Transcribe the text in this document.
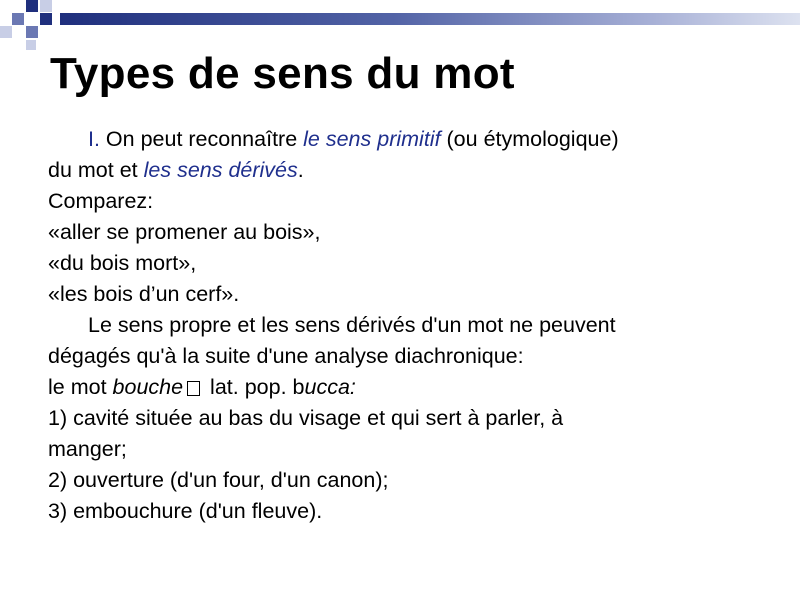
Types de sens du mot
I. On peut reconnaître le sens primitif (ou étymologique)
du mot et les sens dérivés.
Comparez:
«aller se promener au bois»,
«du bois mort»,
«les bois d’un cerf».
Le sens propre et les sens dérivés d'un mot ne peuvent
dégagés qu'à la suite d'une analyse diachronique:
le mot bouche lat. pop. bucca:
1) cavité située au bas du visage et qui sert à parler, à
manger;
2) ouverture (d'un four, d'un canon);
3) embouchure (d'un fleuve).
